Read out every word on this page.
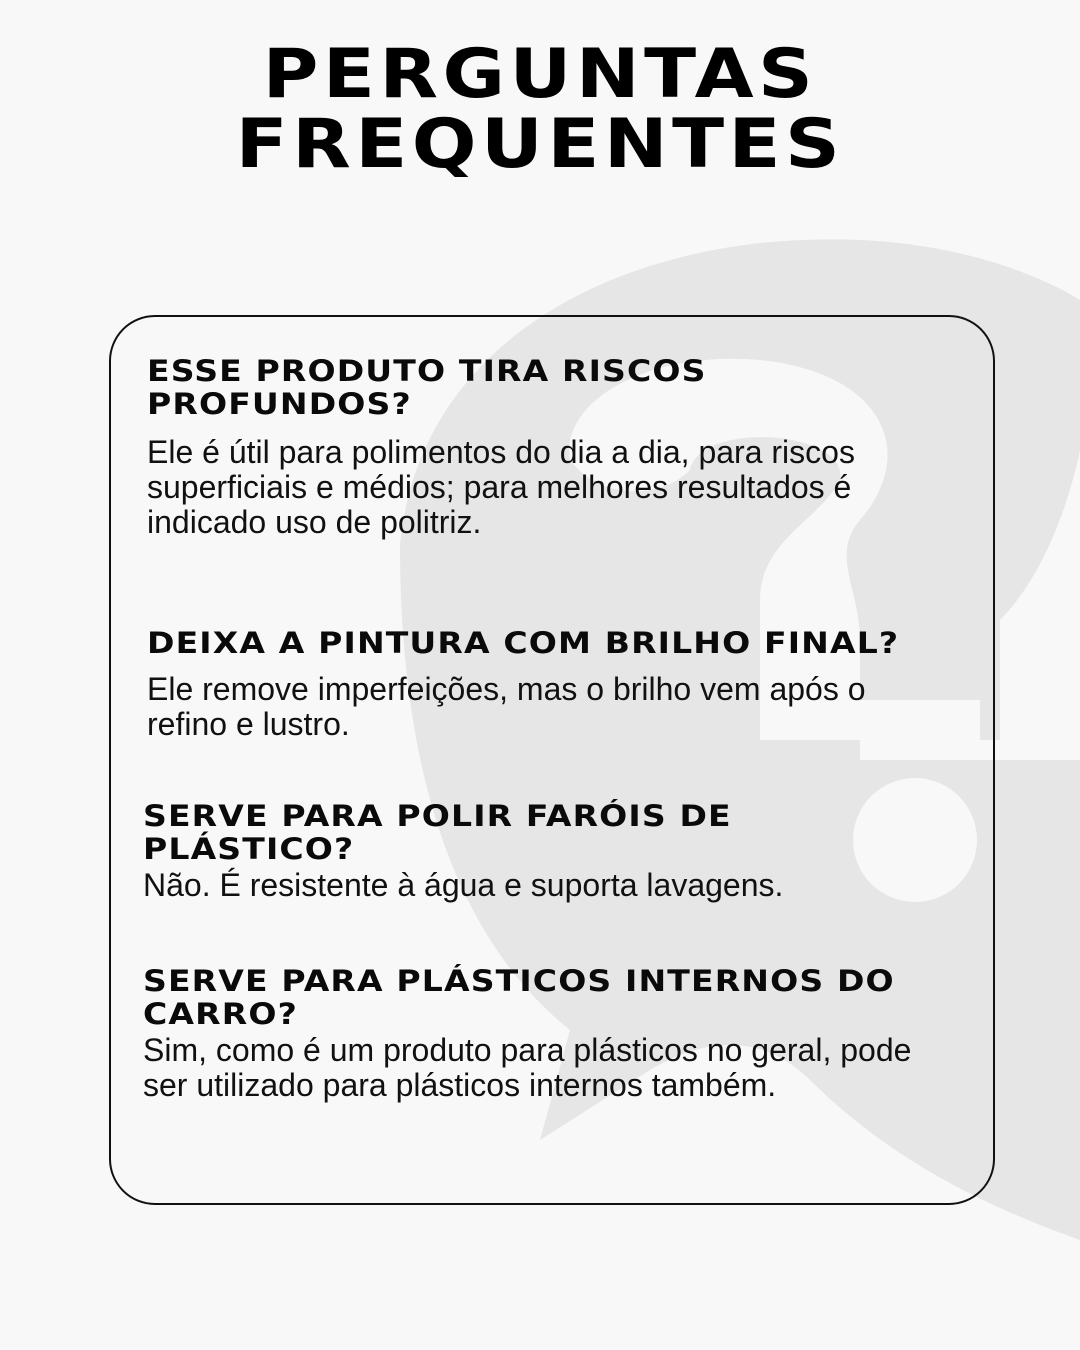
PERGUNTAS
FREQUENTES
ESSE PRODUTO TIRA RISCOS PROFUNDOS?
Ele é útil para polimentos do dia a dia, para riscos superficiais e médios; para melhores resultados é indicado uso de politriz.
DEIXA A PINTURA COM BRILHO FINAL?
Ele remove imperfeições, mas o brilho vem após o refino e lustro.
SERVE PARA POLIR FARÓIS DE PLÁSTICO?
Não. É resistente à água e suporta lavagens.
SERVE PARA PLÁSTICOS INTERNOS DO CARRO?
Sim, como é um produto para plásticos no geral, pode ser utilizado para plásticos internos também.
